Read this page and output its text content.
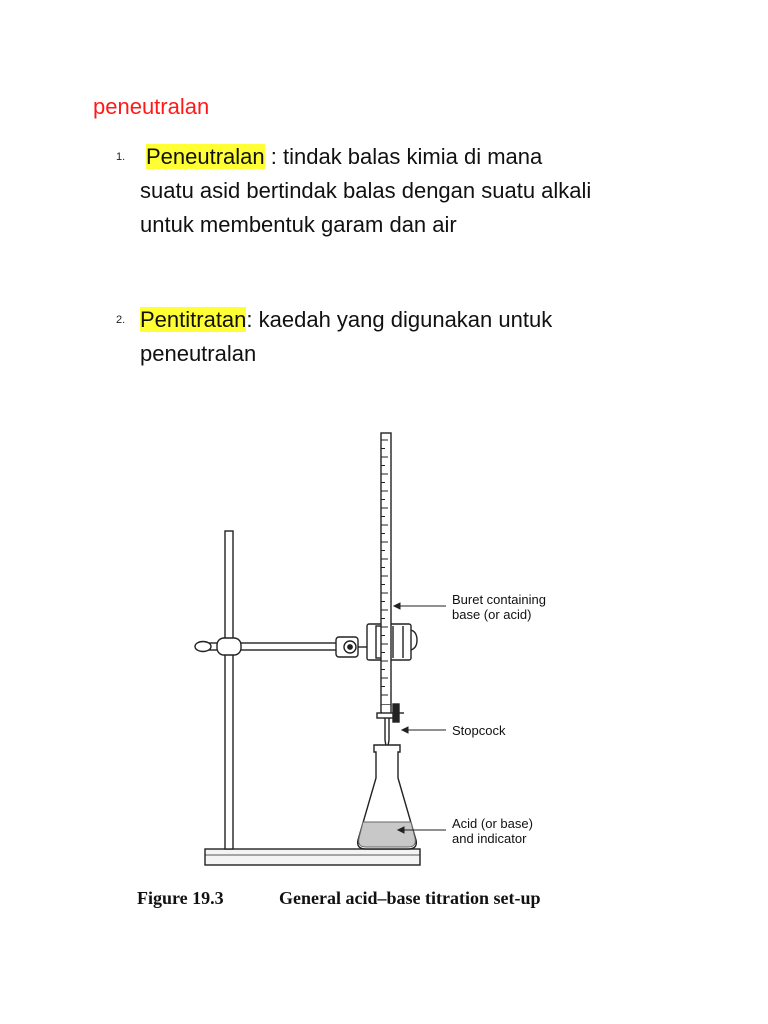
peneutralan
1. Peneutralan : tindak balas kimia di mana
suatu asid bertindak balas dengan suatu alkali
untuk membentuk garam dan air
2. Pentitratan: kaedah yang digunakan untuk
peneutralan
Buret containing
base (or acid)
Stopcock
Acid (or base)
and indicator

Figure 19.3	General acid–base titration set-up
